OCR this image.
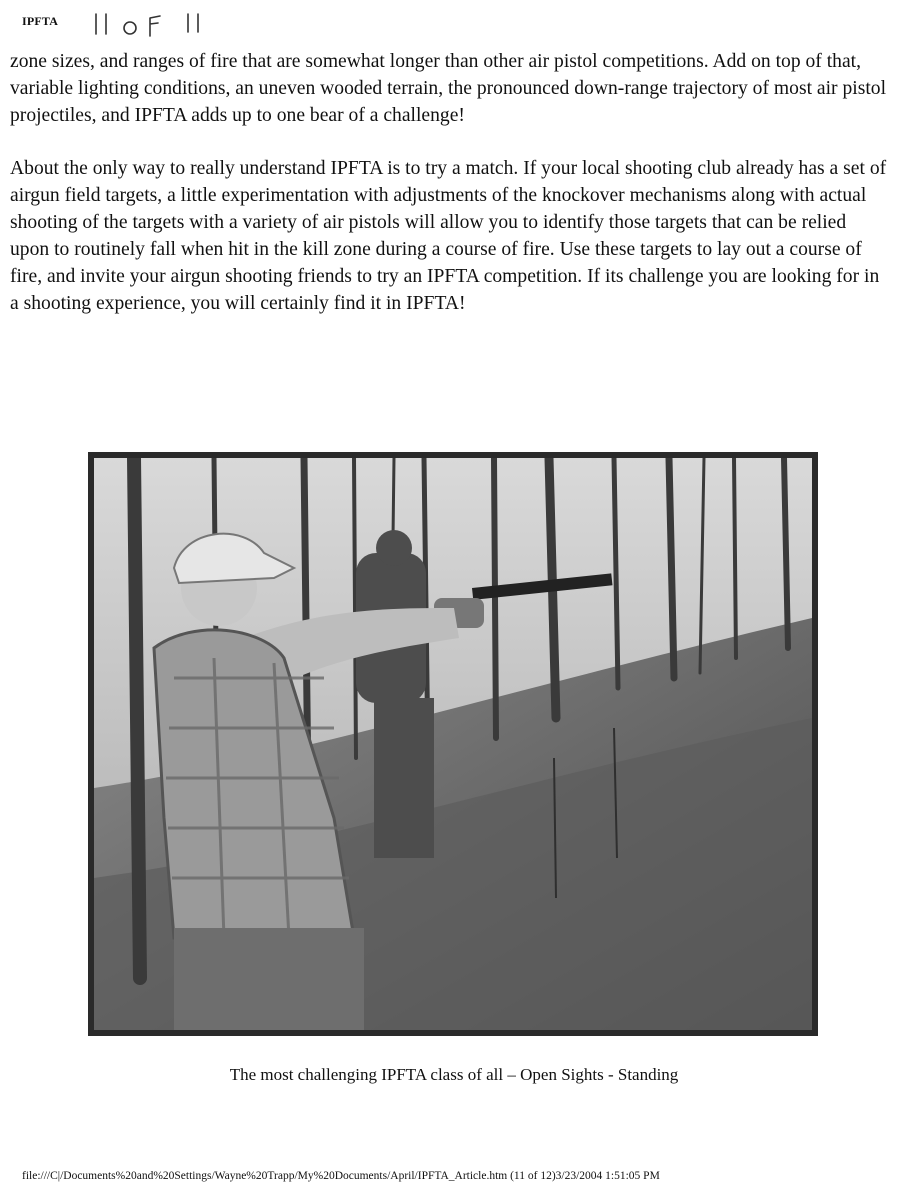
IPFTA

zone sizes, and ranges of fire that are somewhat longer than other air pistol competitions. Add on top of that, variable lighting conditions, an uneven wooded terrain, the pronounced down-range trajectory of most air pistol projectiles, and IPFTA adds up to one bear of a challenge!

About the only way to really understand IPFTA is to try a match. If your local shooting club already has a set of airgun field targets, a little experimentation with adjustments of the knockover mechanisms along with actual shooting of the targets with a variety of air pistols will allow you to identify those targets that can be relied upon to routinely fall when hit in the kill zone during a course of fire. Use these targets to lay out a course of fire, and invite your airgun shooting friends to try an IPFTA competition. If its challenge you are looking for in a shooting experience, you will certainly find it in IPFTA!

The most challenging IPFTA class of all – Open Sights - Standing
file:///C|/Documents%20and%20Settings/Wayne%20Trapp/My%20Documents/April/IPFTA_Article.htm (11 of 12)3/23/2004 1:51:05 PM
